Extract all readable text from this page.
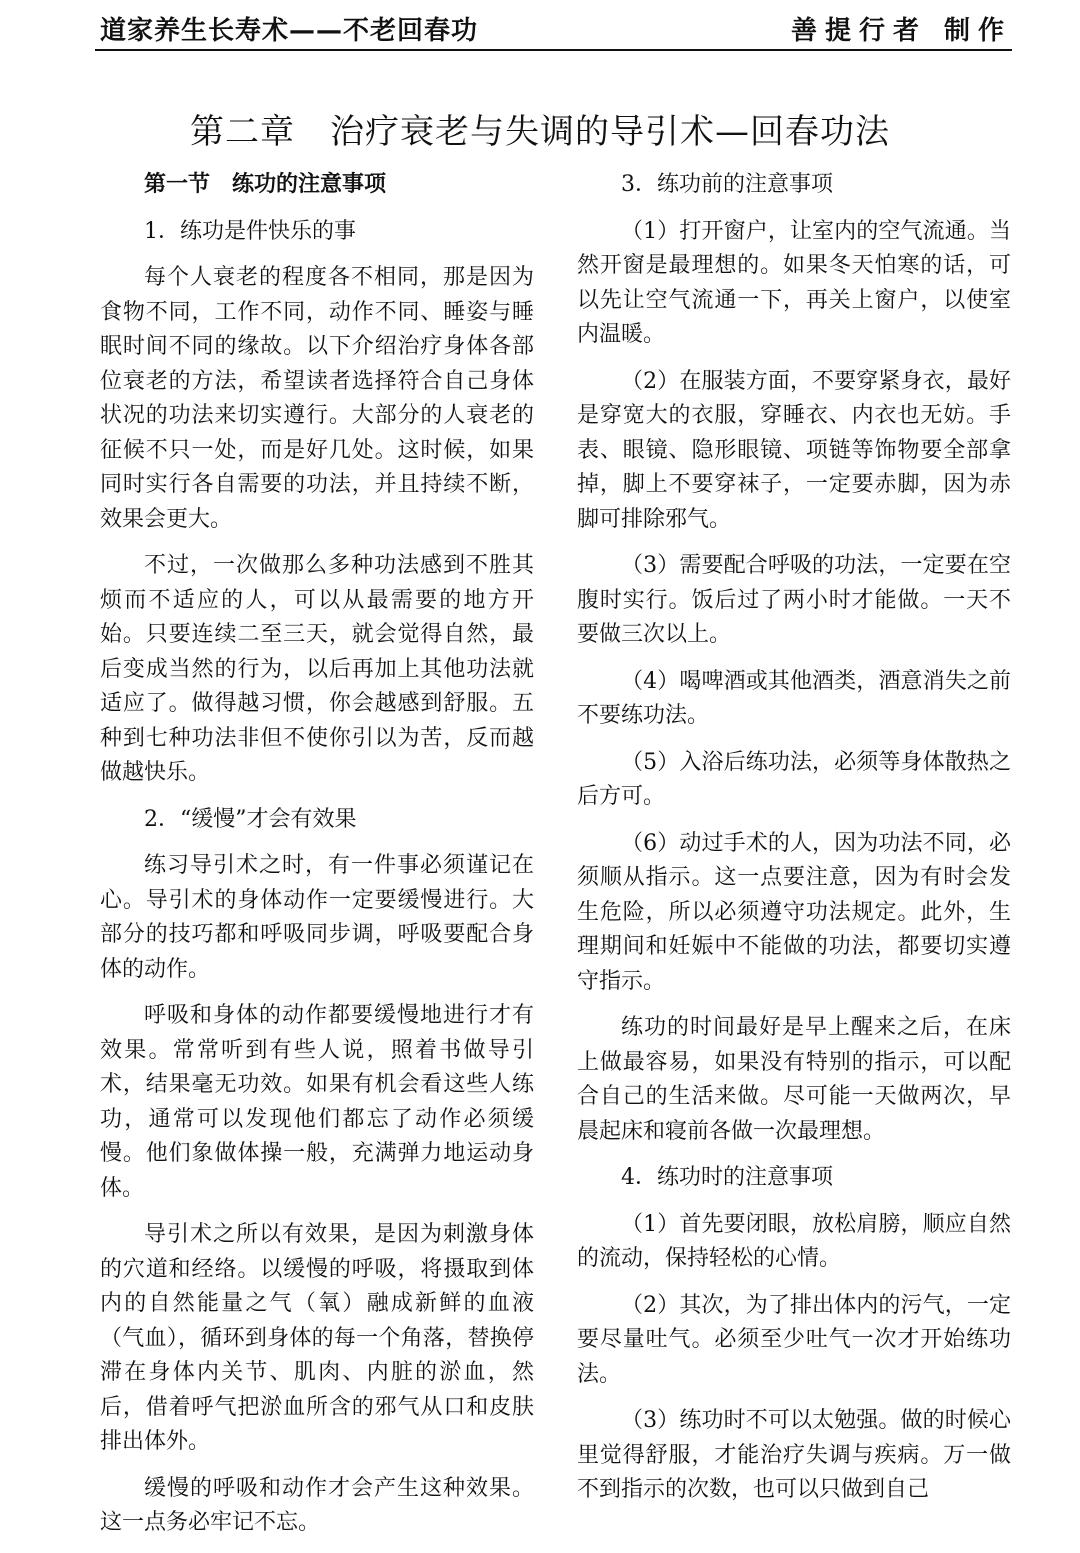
道家养生长寿术——不老回春功	善提行者 制作
第二章　治疗衰老与失调的导引术—回春功法
第一节　练功的注意事项
1．练功是件快乐的事

每个人衰老的程度各不相同，那是因为食物不同，工作不同，动作不同、睡姿与睡眠时间不同的缘故。以下介绍治疗身体各部位衰老的方法，希望读者选择符合自己身体状况的功法来切实遵行。大部分的人衰老的征候不只一处，而是好几处。这时候，如果同时实行各自需要的功法，并且持续不断，效果会更大。

不过，一次做那么多种功法感到不胜其烦而不适应的人，可以从最需要的地方开始。只要连续二至三天，就会觉得自然，最后变成当然的行为，以后再加上其他功法就适应了。做得越习惯，你会越感到舒服。五种到七种功法非但不使你引以为苦，反而越做越快乐。

2．“缓慢”才会有效果

练习导引术之时，有一件事必须谨记在心。导引术的身体动作一定要缓慢进行。大部分的技巧都和呼吸同步调，呼吸要配合身体的动作。

呼吸和身体的动作都要缓慢地进行才有效果。常常听到有些人说，照着书做导引术，结果毫无功效。如果有机会看这些人练功，通常可以发现他们都忘了动作必须缓慢。他们象做体操一般，充满弹力地运动身体。

导引术之所以有效果，是因为刺激身体的穴道和经络。以缓慢的呼吸，将摄取到体内的自然能量之气（氧）融成新鲜的血液（气血），循环到身体的每一个角落，替换停滞在身体内关节、肌肉、内脏的淤血，然后，借着呼气把淤血所含的邪气从口和皮肤排出体外。

缓慢的呼吸和动作才会产生这种效果。这一点务必牢记不忘。

3．练功前的注意事项

（1）打开窗户，让室内的空气流通。当然开窗是最理想的。如果冬天怕寒的话，可以先让空气流通一下，再关上窗户，以使室内温暖。

（2）在服装方面，不要穿紧身衣，最好是穿宽大的衣服，穿睡衣、内衣也无妨。手表、眼镜、隐形眼镜、项链等饰物要全部拿掉，脚上不要穿袜子，一定要赤脚，因为赤脚可排除邪气。

（3）需要配合呼吸的功法，一定要在空腹时实行。饭后过了两小时才能做。一天不要做三次以上。

（4）喝啤酒或其他酒类，酒意消失之前不要练功法。

（5）入浴后练功法，必须等身体散热之后方可。

（6）动过手术的人，因为功法不同，必须顺从指示。这一点要注意，因为有时会发生危险，所以必须遵守功法规定。此外，生理期间和妊娠中不能做的功法，都要切实遵守指示。

练功的时间最好是早上醒来之后，在床上做最容易，如果没有特别的指示，可以配合自己的生活来做。尽可能一天做两次，早晨起床和寝前各做一次最理想。

4．练功时的注意事项

（1）首先要闭眼，放松肩膀，顺应自然的流动，保持轻松的心情。

（2）其次，为了排出体内的污气，一定要尽量吐气。必须至少吐气一次才开始练功法。

（3）练功时不可以太勉强。做的时候心里觉得舒服，才能治疗失调与疾病。万一做不到指示的次数，也可以只做到自己
